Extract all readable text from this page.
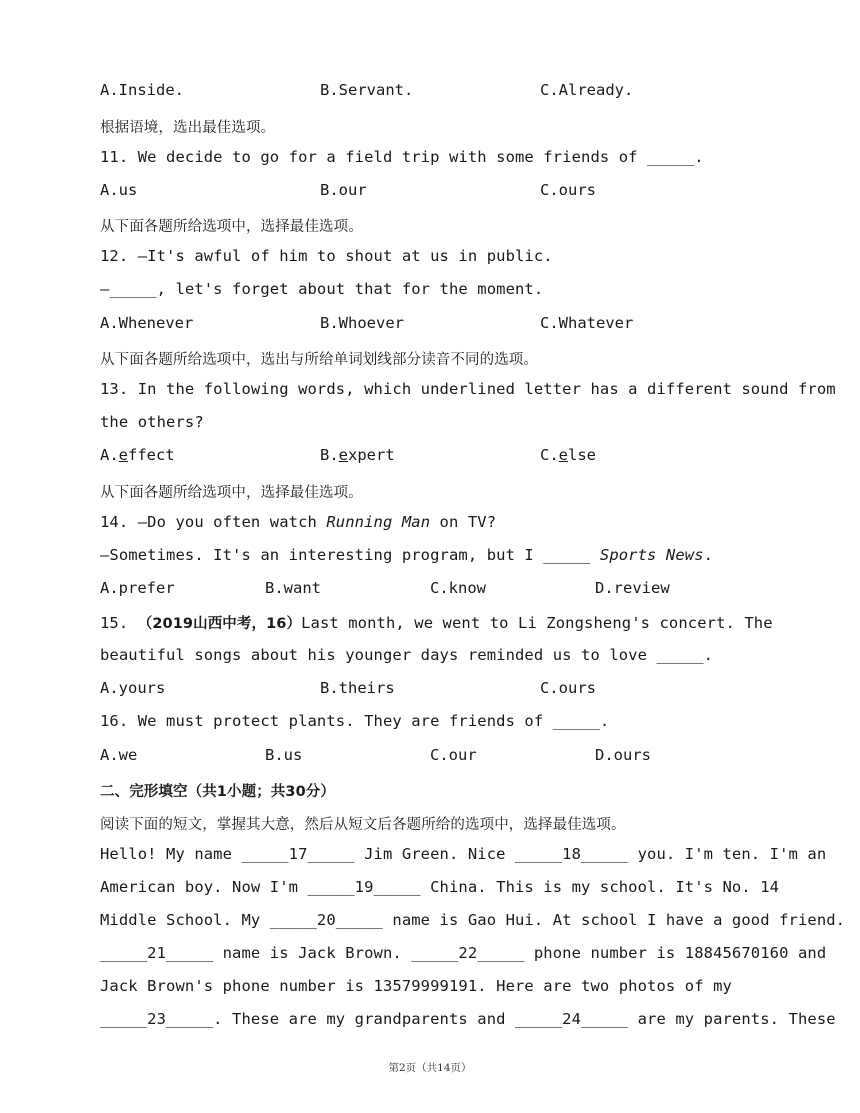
A.Inside.	B.Servant.	C.Already.
根据语境，选出最佳选项。
11. We decide to go for a field trip with some friends of _____.
A.us	B.our	C.ours
从下面各题所给选项中，选择最佳选项。
12. —It's awful of him to shout at us in public.
—_____, let's forget about that for the moment.
A.Whenever	B.Whoever	C.Whatever
从下面各题所给选项中，选出与所给单词划线部分读音不同的选项。
13. In the following words, which underlined letter has a different sound from
the others?
A.effect	B.expert	C.else
从下面各题所给选项中，选择最佳选项。
14. —Do you often watch Running Man on TV?
—Sometimes. It's an interesting program, but I _____ Sports News.
A.prefer	B.want	C.know	D.review
15. （2019山西中考，16）Last month, we went to Li Zongsheng's concert. The
beautiful songs about his younger days reminded us to love _____.
A.yours	B.theirs	C.ours
16. We must protect plants. They are friends of _____.
A.we	B.us	C.our	D.ours
二、完形填空（共1小题；共30分）
阅读下面的短文，掌握其大意，然后从短文后各题所给的选项中，选择最佳选项。
Hello! My name _____17_____ Jim Green. Nice _____18_____ you. I'm ten. I'm an
American boy. Now I'm _____19_____ China. This is my school. It's No. 14
Middle School. My _____20_____ name is Gao Hui. At school I have a good friend.
_____21_____ name is Jack Brown. _____22_____ phone number is 18845670160 and
Jack Brown's phone number is 13579999191. Here are two photos of my
_____23_____. These are my grandparents and _____24_____ are my parents. These
第2页（共14页）
